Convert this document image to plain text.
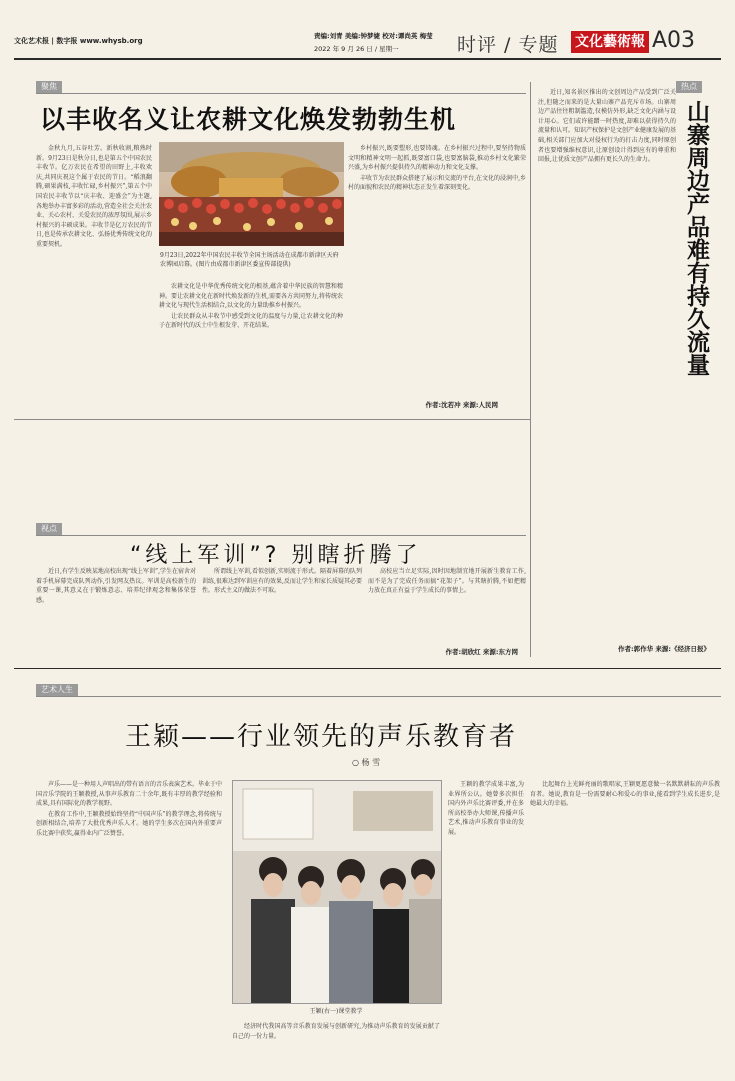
文化艺术报 | 数字报 www.whysb.org
责编:刘青 美编:钟梦婕 校对:谭尚英 梅莹
2022 年 9 月 26 日 / 星期一	时评 / 专题 文化藝術報 A03
聚焦
以丰收名义让农耕文化焕发勃勃生机

金秋九月,五谷吐芳。新秋收割,粮熟时新。9月23日是秋分日,也是第五个中国农民丰收节。亿万农民在希望的田野上,丰收欢庆,共同庆祝这个属于农民的节日。“稻浪翻腾,硕果满枝,丰收忙碌,乡村振兴”,第五个中国农民丰收节以“庆丰收、迎盛会”为主题,各地举办丰富多彩的活动,营造全社会关注农业、关心农村、关爱农民的浓厚氛围,展示乡村振兴的丰硕成果。丰收节是亿万农民的节日,也是传承农耕文化、弘扬优秀传统文化的重要契机。

9月23日,2022年中国农民丰收节全国主场活动在成都市新津区天府农博园启幕。(图片由成都市新津区委宣传部提供)

农耕文化是中华优秀传统文化的根基,蕴含着中华民族的智慧和精神。要让农耕文化在新时代焕发新的生机,需要各方共同努力,将传统农耕文化与现代生活相结合,以文化的力量助推乡村振兴。

让农民群众从丰收节中感受到文化的温度与力量,让农耕文化的种子在新时代的沃土中生根发芽、开花结果。

乡村振兴,既要塑形,也要铸魂。在乡村振兴过程中,要坚持物质文明和精神文明一起抓,既要富口袋,也要富脑袋,推动乡村文化繁荣兴盛,为乡村振兴提供持久的精神动力和文化支撑。

丰收节为农民群众搭建了展示和交流的平台,在文化的浸润中,乡村的面貌和农民的精神状态正发生着深刻变化。

作者:沈若冲 来源:人民网
热点
山寨周边产品难有持久流量

近日,知名景区推出的文创周边产品受到广泛关注,但随之而来的是大量山寨产品充斥市场。山寨周边产品往往粗制滥造,仅模仿外形,缺乏文化内涵与设计用心。它们或许能蹭一时热度,却难以获得持久的流量和认可。知识产权保护是文创产业健康发展的基础,相关部门应加大对侵权行为的打击力度,同时原创者也要增强维权意识,让原创设计得到应有的尊重和回报,让优质文创产品拥有更长久的生命力。

作者:郭作华 来源:《经济日报》
视点
“线上军训”? 别瞎折腾了

近日,有学生反映某地高校出现“线上军训”,学生在宿舍对着手机屏幕完成队列动作,引发网友热议。军训是高校新生的重要一课,其意义在于锻炼意志、培养纪律观念和集体荣誉感。

所谓线上军训,看似创新,实则流于形式。隔着屏幕的队列训练,很难达到军训应有的效果,反而让学生和家长质疑其必要性。形式主义的做法不可取。

高校应当立足实际,因时因地制宜地开展新生教育工作,而不是为了完成任务而搞“花架子”。与其瞎折腾,不如把精力放在真正有益于学生成长的事情上。

作者:胡欣红 来源:东方网
艺术人生
王颖——行业领先的声乐教育者
○ 杨 雪

声乐——是一种用人声唱出的带有语言的音乐表演艺术。毕业于中国音乐学院的王颖教授,从事声乐教育二十余年,既有丰厚的教学经验和成果,具有国际化的教学视野。

在教育工作中,王颖教授始终坚持“中国声乐”的教学理念,将传统与创新相结合,培养了大批优秀声乐人才。她的学生多次在国内外重要声乐比赛中获奖,赢得业内广泛赞誉。

王颖(右一)课堂教学

经济时代我国高等音乐教育发展与创新研究,为推动声乐教育的发展贡献了自己的一份力量。

王颖的教学成果丰富,为业界所公认。她曾多次担任国内外声乐比赛评委,并在多所高校举办大师课,传播声乐艺术,推动声乐教育事业的发展。

比起舞台上光鲜亮丽的歌唱家,王颖更愿意做一名默默耕耘的声乐教育者。她说,教育是一份需要耐心和爱心的事业,能看到学生成长进步,是她最大的幸福。
